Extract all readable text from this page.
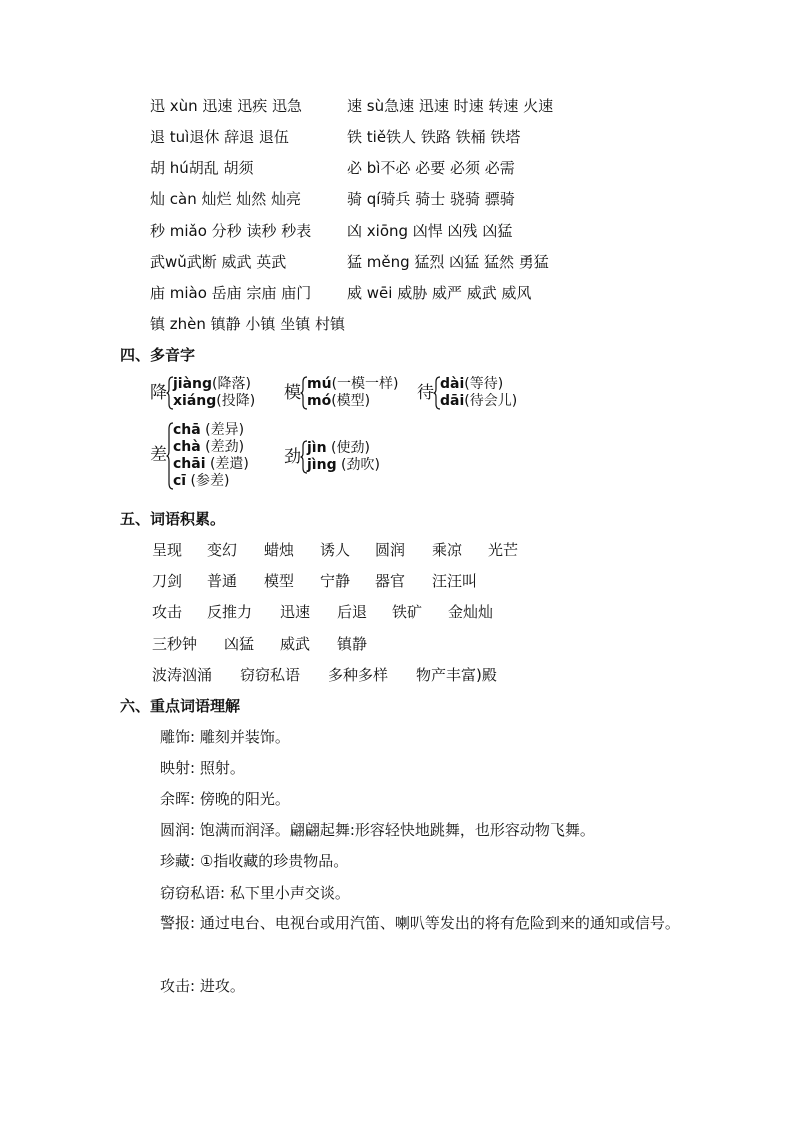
迅 xùn 迅速 迅疾 迅急
退 tuì退休 辞退 退伍
胡 hú胡乱 胡须
灿 càn 灿烂 灿然 灿亮
秒 miǎo 分秒 读秒 秒表
武wǔ武断 威武 英武
庙 miào 岳庙 宗庙 庙门
镇 zhèn 镇静 小镇 坐镇 村镇
速 sù急速 迅速 时速 转速 火速
铁 tiě铁人 铁路 铁桶 铁塔
必 bì不必 必要 必须 必需
骑 qí骑兵 骑士 骁骑 骠骑
凶 xiōng 凶悍 凶残 凶猛
猛 měng 猛烈 凶猛 猛然 勇猛
威 wēi 威胁 威严 威武 威风
四、多音字
降 jiàng(降落)
xiáng(投降) 模 mú(一模一样)
mó(模型)	待 dài(等待)
dāi(待会儿)
差
chā (差异)
chà (差劲)
chāi (差遣)
cī (参差)
劲 jìn (使劲)
jìng (劲吹)
五、词语积累。
呈现 变幻 蜡烛 诱人 圆润 乘凉 光芒
刀剑 普通 模型 宁静 器官 汪汪叫
攻击 反推力 迅速 后退 铁矿 金灿灿
三秒钟 凶猛 威武 镇静
波涛汹涌 窃窃私语 多种多样 物产丰富)殿
六、重点词语理解
雕饰: 雕刻并装饰。
映射: 照射。
余晖: 傍晚的阳光。
圆润: 饱满而润泽。翩翩起舞:形容轻快地跳舞，也形容动物飞舞。
珍藏: ①指收藏的珍贵物品。
窃窃私语: 私下里小声交谈。
警报: 通过电台、电视台或用汽笛、喇叭等发出的将有危险到来的通知或信号。
攻击: 进攻。
